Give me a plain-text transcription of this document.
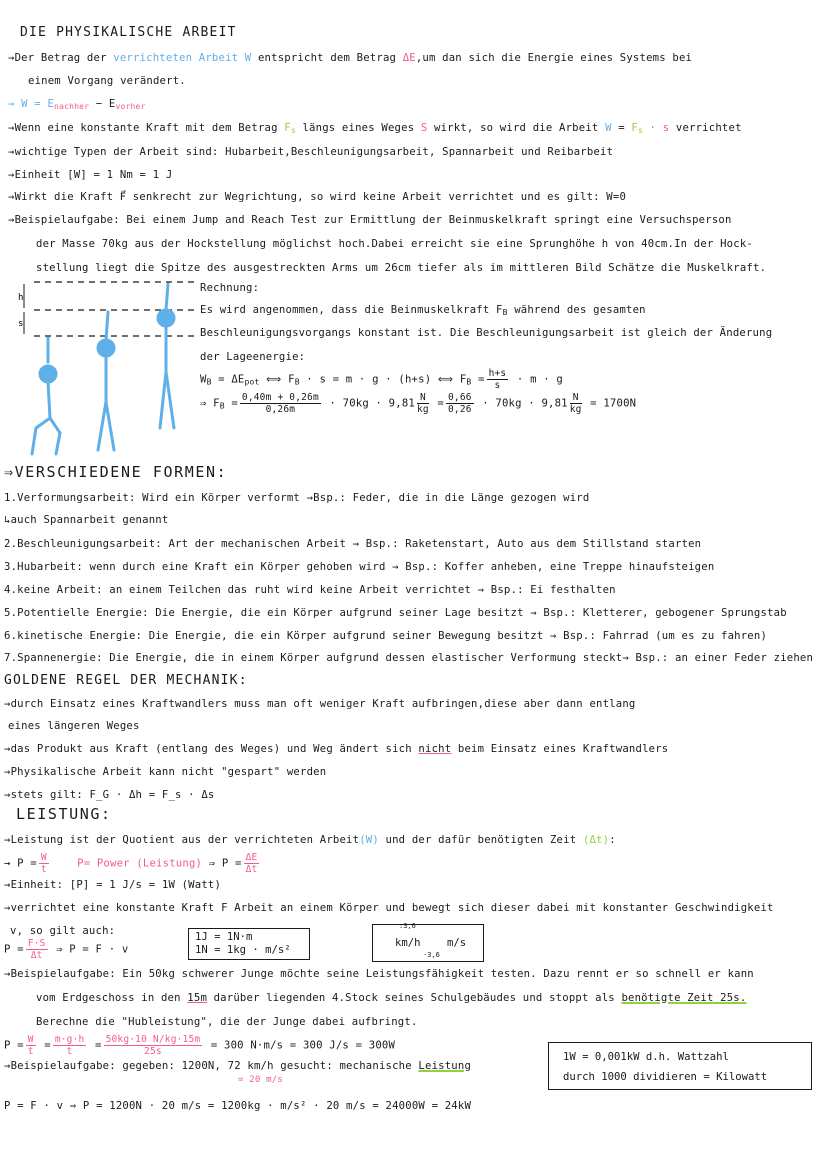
DIE PHYSIKALISCHE ARBEIT
→Der Betrag der verrichteten Arbeit W entspricht dem Betrag ΔE,um dan sich die Energie eines Systems bei
einem Vorgang verändert.
→ $W = E_{nachher} - E_{vorher}$
→Wenn eine konstante Kraft mit dem Betrag $F_s$ längs eines Weges S wirkt, so wird die Arbeit $W = F_s \cdot s$ verrichtet
→wichtige Typen der Arbeit sind: Hubarbeit,Beschleunigungsarbeit, Spannarbeit und Reibarbeit
→Einheit [W] = 1 Nm = 1 J
→Wirkt die Kraft F⃗ senkrecht zur Wegrichtung, so wird keine Arbeit verrichtet und es gilt: W=0
→Beispielaufgabe: Bei einem Jump and Reach Test zur Ermittlung der Beinmuskelkraft springt eine Versuchsperson
der Masse 70kg aus der Hockstellung möglichst hoch.Dabei erreicht sie eine Sprunghöhe h von 40cm.In der Hock-
stellung liegt die Spitze des ausgestreckten Arms um 26cm tiefer als im mittleren Bild Schätze die Muskelkraft.
h
s
Rechnung:
Es wird angenommen, dass die Beinmuskelkraft $F_B$ während des gesamten
Beschleunigungsvorgangs konstant ist. Die Beschleunigungsarbeit ist gleich der Änderung
der Lageenergie:
$W_B = \Delta E_{pot}$ ⟺ $F_B \cdot s = m \cdot g \cdot (h+s)$ ⟺ $F_B = \frac{h+s}{s} \cdot m \cdot g$
⇒ $F_B = \frac{0,40m + 0,26m}{0,26m} \cdot 70kg \cdot 9,81 \frac{N}{kg} = \frac{0,66}{0,26} \cdot 70kg \cdot 9,81 \frac{N}{kg} = 1700N$
⇒VERSCHIEDENE FORMEN:
1.Verformungsarbeit: Wird ein Körper verformt →Bsp.: Feder, die in die Länge gezogen wird
↳auch Spannarbeit genannt
2.Beschleunigungsarbeit: Art der mechanischen Arbeit → Bsp.: Raketenstart, Auto aus dem Stillstand starten
3.Hubarbeit: wenn durch eine Kraft ein Körper gehoben wird → Bsp.: Koffer anheben, eine Treppe hinaufsteigen
4.keine Arbeit: an einem Teilchen das ruht wird keine Arbeit verrichtet → Bsp.: Ei festhalten
5.Potentielle Energie: Die Energie, die ein Körper aufgrund seiner Lage besitzt → Bsp.: Kletterer, gebogener Sprungstab
6.kinetische Energie: Die Energie, die ein Körper aufgrund seiner Bewegung besitzt → Bsp.: Fahrrad (um es zu fahren)
7.Spannenergie: Die Energie, die in einem Körper aufgrund dessen elastischer Verformung steckt→ Bsp.: an einer Feder ziehen
GOLDENE REGEL DER MECHANIK:
→durch Einsatz eines Kraftwandlers muss man oft weniger Kraft aufbringen,diese aber dann entlang
eines längeren Weges
→das Produkt aus Kraft (entlang des Weges) und Weg ändert sich nicht beim Einsatz eines Kraftwandlers
→Physikalische Arbeit kann nicht "gespart" werden
→stets gilt: F_G · Δh = F_s · Δs
LEISTUNG:
→Leistung ist der Quotient aus der verrichteten Arbeit(W) und der dafür benötigten Zeit (Δt):
→ $P = \frac{W}{t}$	P= Power (Leistung) ⇒ $P = \frac{\Delta E}{\Delta t}$
→Einheit: [P] = 1 J/s = 1W (Watt)
→verrichtet eine konstante Kraft F Arbeit an einem Körper und bewegt sich dieser dabei mit konstanter Geschwindigkeit
v, so gilt auch:
$P = \frac{F\cdot S}{\Delta t}$ ⇒ P = F · v
1J = 1N·m
1N = 1kg · m/s²
:3,6
km/h m/s
·3,6
→Beispielaufgabe: Ein 50kg schwerer Junge möchte seine Leistungsfähigkeit testen. Dazu rennt er so schnell er kann
vom Erdgeschoss in den 15m darüber liegenden 4.Stock seines Schulgebäudes und stoppt als benötigte Zeit 25s.
Berechne die "Hubleistung", die der Junge dabei aufbringt.
$P = \frac{W}{t} = \frac{m\cdot g\cdot h}{t} = \frac{50kg\cdot 10 N/kg\cdot 15m}{25s} = 300$ N·m/s = 300 J/s = 300W
→Beispielaufgabe: gegeben: 1200N, 72 km/h gesucht: mechanische Leistung
= 20 m/s
1W = 0,001kW d.h. Wattzahl
durch 1000 dividieren = Kilowatt
P = F · v ⇒ P = 1200N · 20 m/s = 1200kg · m/s² · 20 m/s = 24000W = 24kW
